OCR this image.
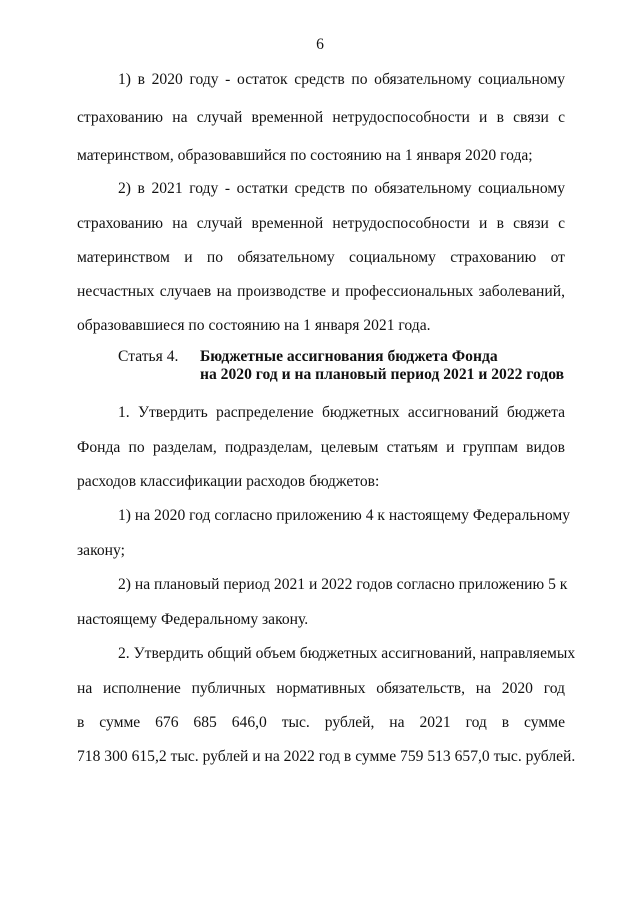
6
1) в 2020 году - остаток средств по обязательному социальному
страхованию на случай временной нетрудоспособности и в связи с
материнством, образовавшийся по состоянию на 1 января 2020 года;
2) в 2021 году - остатки средств по обязательному социальному
страхованию на случай временной нетрудоспособности и в связи с
материнством и по обязательному социальному страхованию от
несчастных случаев на производстве и профессиональных заболеваний,
образовавшиеся по состоянию на 1 января 2021 года.
Статья 4. Бюджетные ассигнования бюджета Фонда
на 2020 год и на плановый период 2021 и 2022 годов
1. Утвердить распределение бюджетных ассигнований бюджета
Фонда по разделам, подразделам, целевым статьям и группам видов
расходов классификации расходов бюджетов:
1) на 2020 год согласно приложению 4 к настоящему Федеральному
закону;
2) на плановый период 2021 и 2022 годов согласно приложению 5 к
настоящему Федеральному закону.
2. Утвердить общий объем бюджетных ассигнований, направляемых
на исполнение публичных нормативных обязательств, на 2020 год
в сумме 676 685 646,0 тыс. рублей, на 2021 год в сумме
718 300 615,2 тыс. рублей и на 2022 год в сумме 759 513 657,0 тыс. рублей.
